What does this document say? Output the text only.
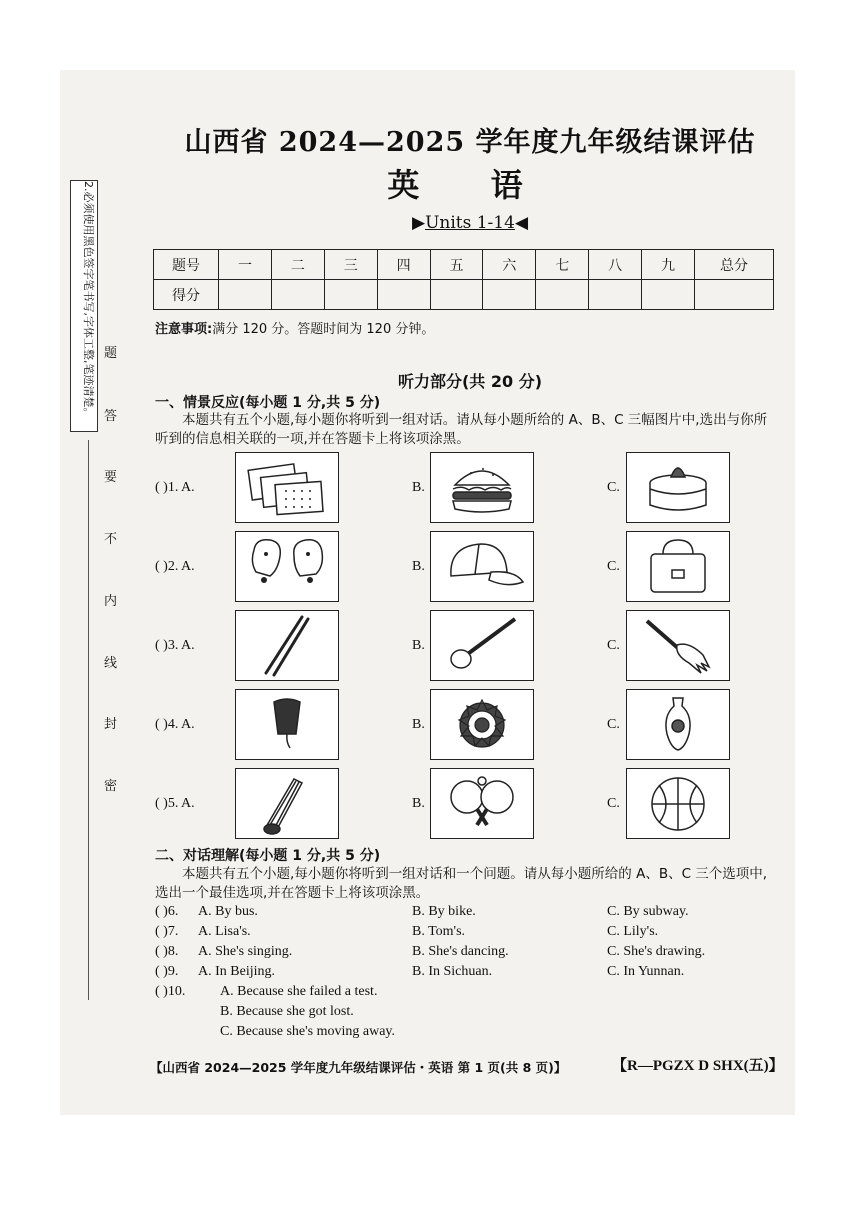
2.必须使用黑色签字笔书写,字体工整,笔迹清楚。 题
答
要
不
内
线
封
密
山西省 2024—2025 学年度九年级结课评估
英 语
▶Units 1-14◀
题号	一	二	三	四	五	六	七	八	九	总分
得分										
注意事项:满分 120 分。答题时间为 120 分钟。
听力部分(共 20 分)
一、情景反应(每小题 1 分,共 5 分)
本题共有五个小题,每小题你将听到一组对话。请从每小题所给的 A、B、C 三幅图片中,选出与你所听到的信息相关联的一项,并在答题卡上将该项涂黑。
( )1. A.	B.	C.
( )2. A.	B.	C.
( )3. A.	B.	C.
( )4. A.	B.	C.
( )5. A.	B.	C.
二、对话理解(每小题 1 分,共 5 分)
本题共有五个小题,每小题你将听到一组对话和一个问题。请从每小题所给的 A、B、C 三个选项中,选出一个最佳选项,并在答题卡上将该项涂黑。
( )6. A. By bus.	B. By bike.	C. By subway.
( )7. A. Lisa's.	B. Tom's.	C. Lily's.
( )8. A. She's singing.	B. She's dancing.	C. She's drawing.
( )9. A. In Beijing.	B. In Sichuan.	C. In Yunnan.
( )10. A. Because she failed a test.
B. Because she got lost.
C. Because she's moving away.
【山西省 2024—2025 学年度九年级结课评估・英语 第 1 页(共 8 页)】	【R—PGZX D SHX(五)】
